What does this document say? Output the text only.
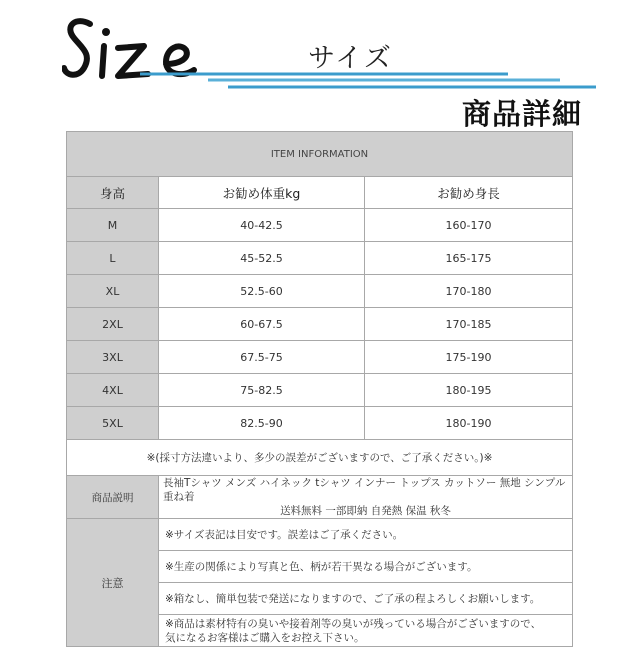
サイズ
商品詳細
ITEM INFORMATION		
身高	お勧め体重kg	お勧め身長
M	40-42.5	160-170
L	45-52.5	165-175
XL	52.5-60	170-180
2XL	60-67.5	170-185
3XL	67.5-75	175-190
4XL	75-82.5	180-195
5XL	82.5-90	180-190
※(採寸方法違いより、多少の誤差がございますので、ご了承ください。)※		
商品説明	長袖Tシャツ メンズ ハイネック tシャツ インナー トップス カットソー 無地 シンプル 重ね着
送料無料 一部即納 自発熱 保温 秋冬	

注意	※サイズ表記は目安です。誤差はご了承ください。	
	※生産の関係により写真と色、柄が若干異なる場合がございます。	
	※箱なし、簡単包装で発送になりますので、ご了承の程よろしくお願いします。	

	※商品は素材特有の臭いや接着剤等の臭いが残っている場合がございますので、
気になるお客様はご購入をお控え下さい。	
